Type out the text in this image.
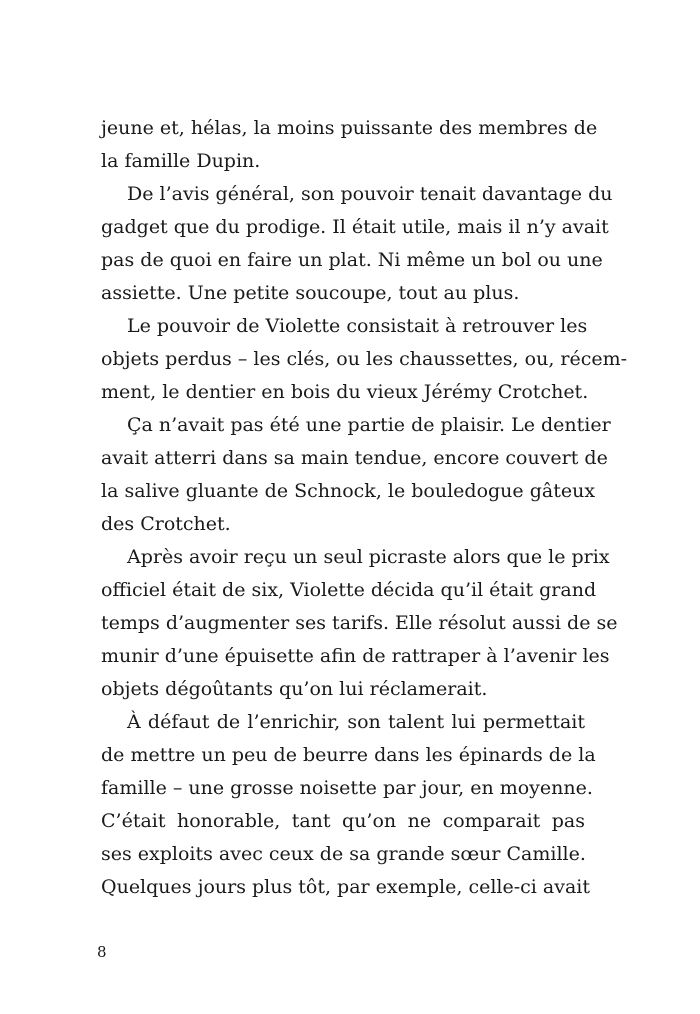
jeune et, hélas, la moins puissante des membres de
la famille Dupin.
De l’avis général, son pouvoir tenait davantage du
gadget que du prodige. Il était utile, mais il n’y avait
pas de quoi en faire un plat. Ni même un bol ou une
assiette. Une petite soucoupe, tout au plus.
Le pouvoir de Violette consistait à retrouver les
objets perdus – les clés, ou les chaussettes, ou, récem-
ment, le dentier en bois du vieux Jérémy Crotchet.
Ça n’avait pas été une partie de plaisir. Le dentier
avait atterri dans sa main tendue, encore couvert de
la salive gluante de Schnock, le bouledogue gâteux
des Crotchet.
Après avoir reçu un seul picraste alors que le prix
officiel était de six, Violette décida qu’il était grand
temps d’augmenter ses tarifs. Elle résolut aussi de se
munir d’une épuisette afin de rattraper à l’avenir les
objets dégoûtants qu’on lui réclamerait.
À défaut de l’enrichir, son talent lui permettait
de mettre un peu de beurre dans les épinards de la
famille – une grosse noisette par jour, en moyenne.
C’était honorable, tant qu’on ne comparait pas
ses exploits avec ceux de sa grande sœur Camille.
Quelques jours plus tôt, par exemple, celle-ci avait
8
